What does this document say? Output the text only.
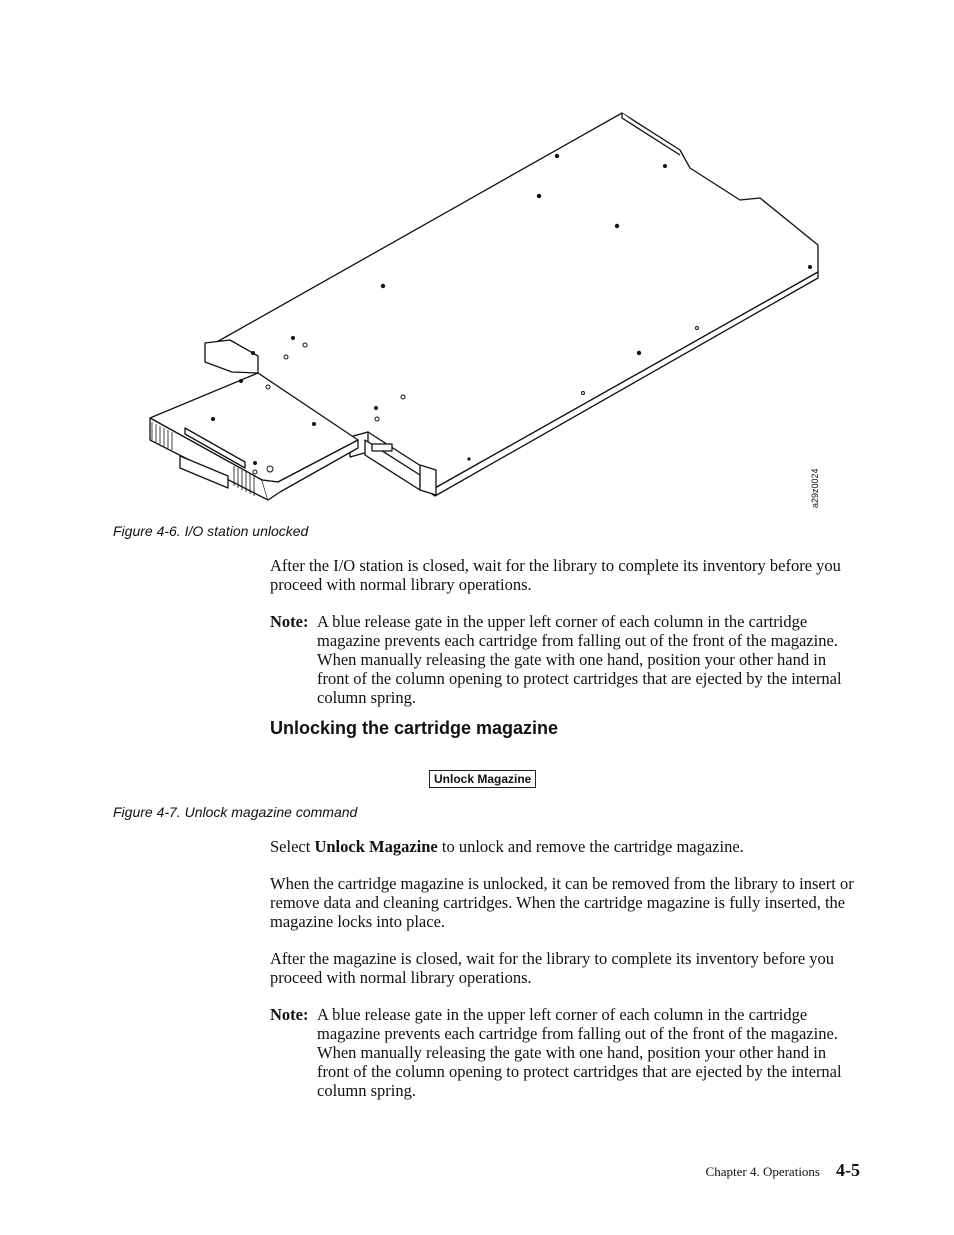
a29z0024
Figure 4-6. I/O station unlocked

After the I/O station is closed, wait for the library to complete its inventory before you proceed with normal library operations.

Note: A blue release gate in the upper left corner of each column in the cartridge magazine prevents each cartridge from falling out of the front of the magazine. When manually releasing the gate with one hand, position your other hand in front of the column opening to protect cartridges that are ejected by the internal column spring.
Unlocking the cartridge magazine
Unlock Magazine
Figure 4-7. Unlock magazine command

Select Unlock Magazine to unlock and remove the cartridge magazine.

When the cartridge magazine is unlocked, it can be removed from the library to insert or remove data and cleaning cartridges. When the cartridge magazine is fully inserted, the magazine locks into place.

After the magazine is closed, wait for the library to complete its inventory before you proceed with normal library operations.

Note: A blue release gate in the upper left corner of each column in the cartridge magazine prevents each cartridge from falling out of the front of the magazine. When manually releasing the gate with one hand, position your other hand in front of the column opening to protect cartridges that are ejected by the internal column spring.
Chapter 4. Operations 4-5
